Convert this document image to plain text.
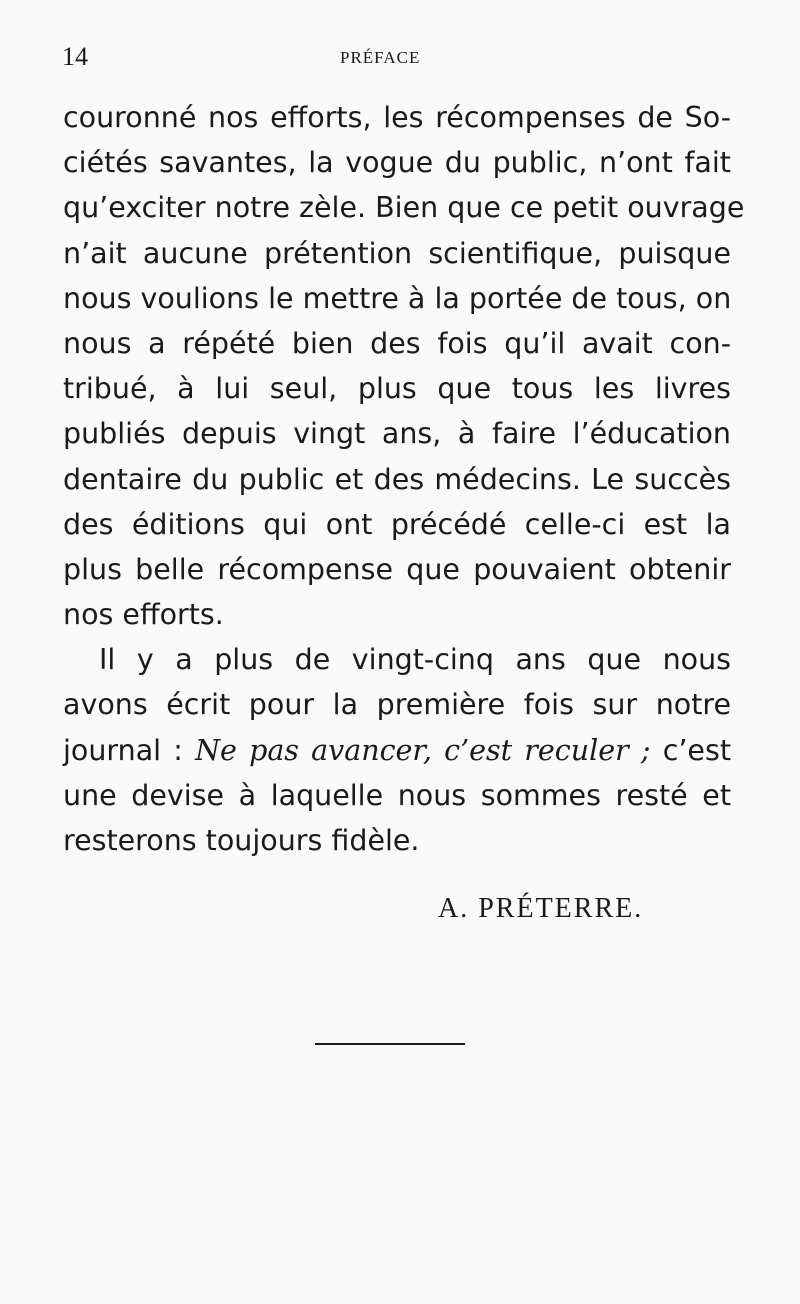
14	PRÉFACE
couronné nos efforts, les récompenses de So-
ciétés savantes, la vogue du public, n’ont fait
qu’exciter notre zèle. Bien que ce petit ouvrage
n’ait aucune prétention scientifique, puisque
nous voulions le mettre à la portée de tous, on
nous a répété bien des fois qu’il avait con-
tribué, à lui seul, plus que tous les livres
publiés depuis vingt ans, à faire l’éducation
dentaire du public et des médecins. Le succès
des éditions qui ont précédé celle-ci est la
plus belle récompense que pouvaient obtenir
nos efforts.
Il y a plus de vingt-cinq ans que nous
avons écrit pour la première fois sur notre
journal : Ne pas avancer, c’est reculer ; c’est
une devise à laquelle nous sommes resté et
resterons toujours fidèle.
A. PRÉTERRE.
